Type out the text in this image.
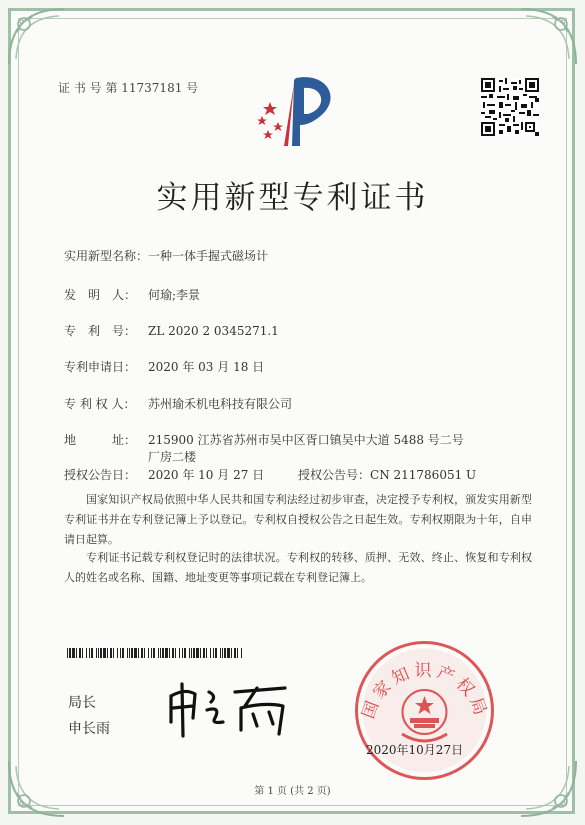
证 书 号 第 11737181 号
实用新型专利证书
实用新型名称：一种一体手握式磁场计
发　明　人： 何瑜;李景
专　利　号： ZL 2020 2 0345271.1
专利申请日： 2020 年 03 月 18 日
专 利 权 人： 苏州瑜禾机电科技有限公司
地　　　址： 215900 江苏省苏州市吴中区胥口镇吴中大道 5488 号二号
厂房二楼
授权公告日： 2020 年 10 月 27 日	授权公告号：CN 211786051 U
国家知识产权局依照中华人民共和国专利法经过初步审查，决定授予专利权，颁发实用新型专利证书并在专利登记簿上予以登记。专利权自授权公告之日起生效。专利权期限为十年，自申请日起算。
专利证书记载专利权登记时的法律状况。专利权的转移、质押、无效、终止、恢复和专利权人的姓名或名称、国籍、地址变更等事项记载在专利登记簿上。
局长
申长雨
国家知识产权局
2020年10月27日
第 1 页 (共 2 页)
